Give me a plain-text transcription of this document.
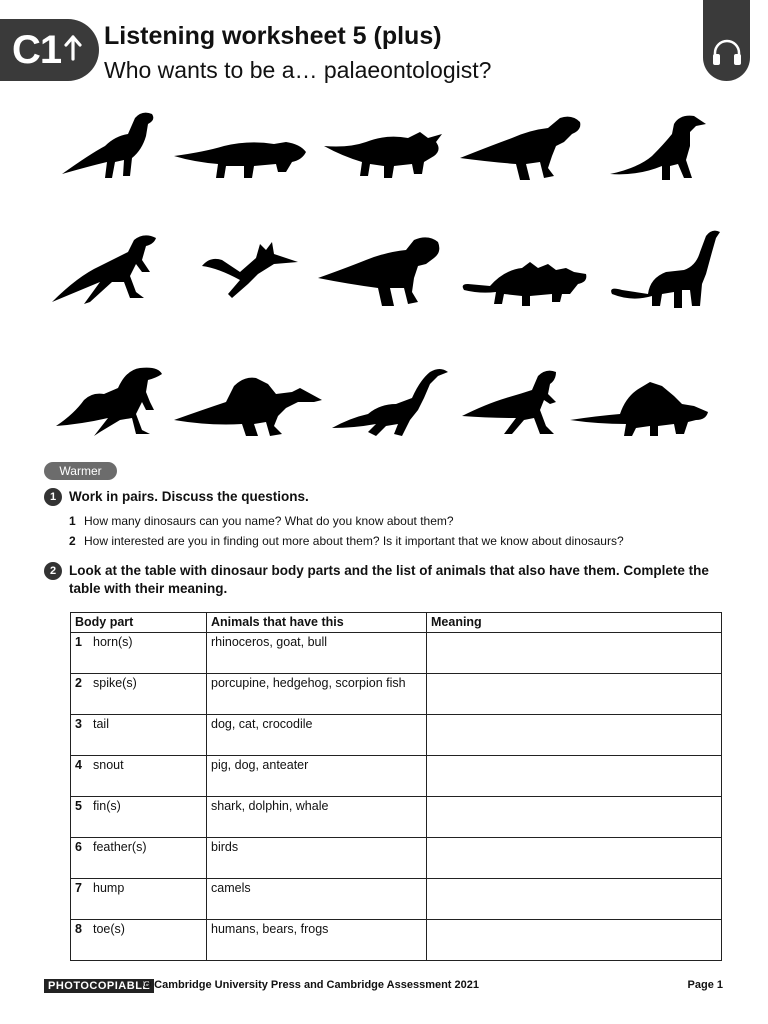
C1 Listening worksheet 5 (plus)
Who wants to be a… palaeontologist?
Warmer
1 Work in pairs. Discuss the questions.
1 How many dinosaurs can you name? What do you know about them?
2 How interested are you in finding out more about them? Is it important that we know about dinosaurs?
2 Look at the table with dinosaur body parts and the list of animals that also have them. Complete the table with their meaning.
Body part	Animals that have this	Meaning
1 horn(s)	rhinoceros, goat, bull	
2 spike(s)	porcupine, hedgehog, scorpion fish	
3 tail	dog, cat, crocodile	
4 snout	pig, dog, anteater	
5 fin(s)	shark, dolphin, whale	
6 feather(s)	birds	
7 hump	camels	
8 toe(s)	humans, bears, frogs	
PHOTOCOPIABLE
© Cambridge University Press and Cambridge Assessment 2021	Page 1
